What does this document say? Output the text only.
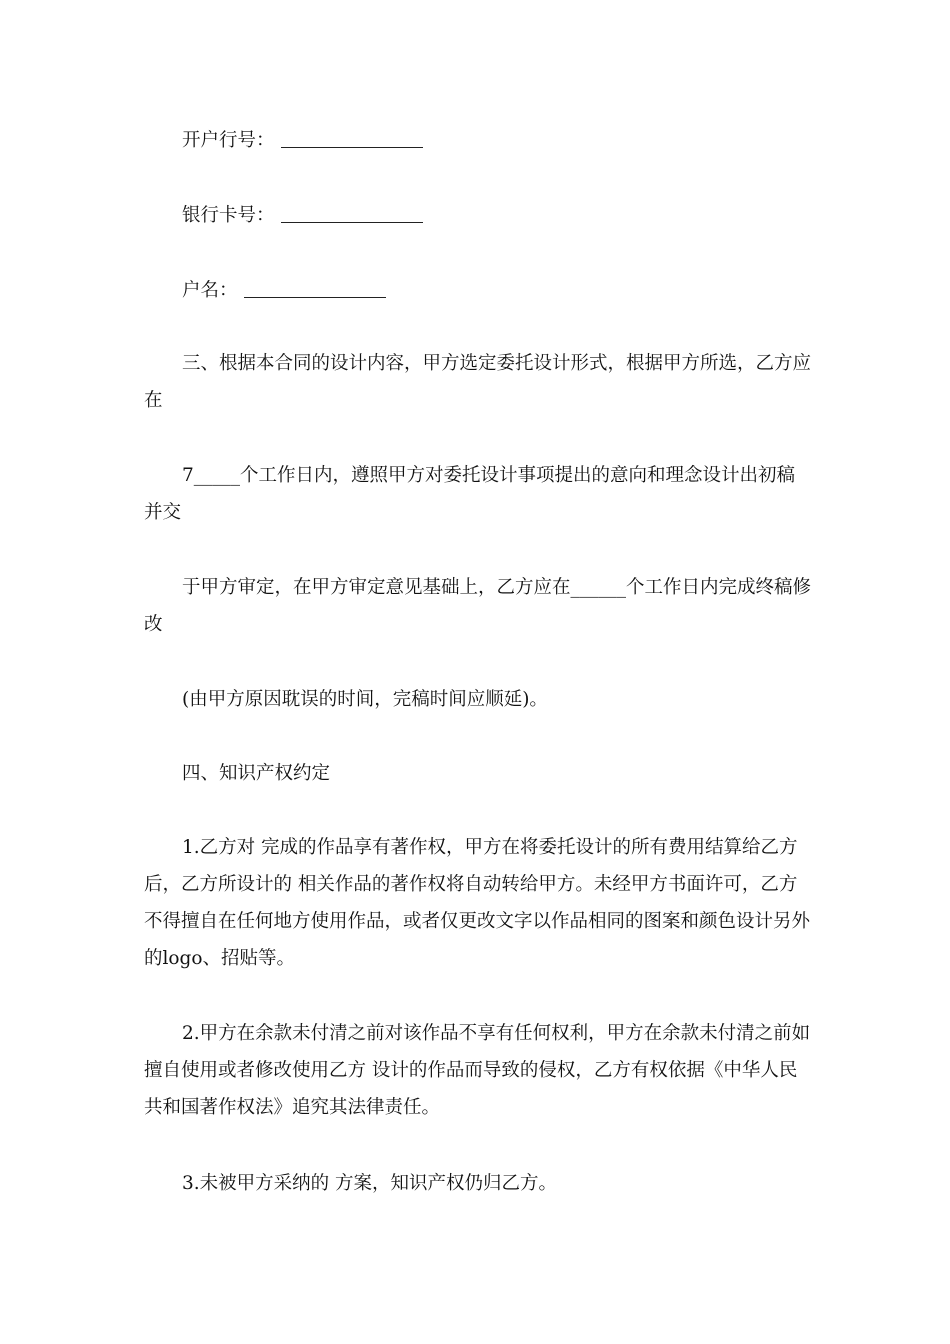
开户行号：

银行卡号：

户名：

三、根据本合同的设计内容，甲方选定委托设计形式，根据甲方所选，乙方应在

7_____个工作日内，遵照甲方对委托设计事项提出的意向和理念设计出初稿并交

于甲方审定，在甲方审定意见基础上，乙方应在______个工作日内完成终稿修改

(由甲方原因耽误的时间，完稿时间应顺延)。

四、知识产权约定

1.乙方对 完成的作品享有著作权，甲方在将委托设计的所有费用结算给乙方后，乙方所设计的 相关作品的著作权将自动转给甲方。未经甲方书面许可，乙方不得擅自在任何地方使用作品，或者仅更改文字以作品相同的图案和颜色设计另外的logo、招贴等。

2.甲方在余款未付清之前对该作品不享有任何权利，甲方在余款未付清之前如擅自使用或者修改使用乙方 设计的作品而导致的侵权，乙方有权依据《中华人民共和国著作权法》追究其法律责任。

3.未被甲方采纳的 方案，知识产权仍归乙方。
